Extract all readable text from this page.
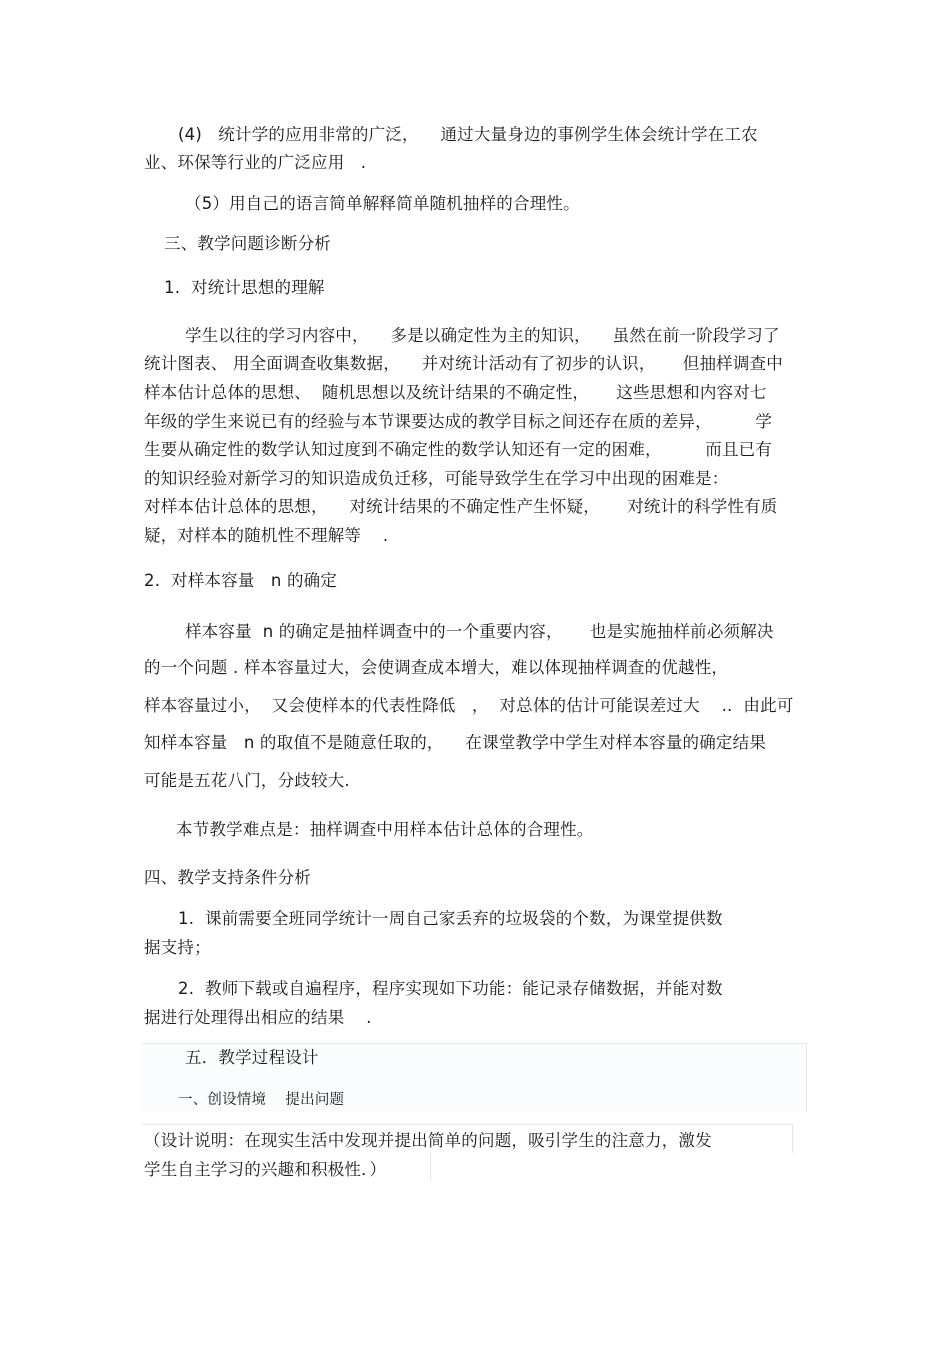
(4)   统计学的应用非常的广泛，    通过大量身边的事例学生体会统计学在工农
业、环保等行业的广泛应用   .
（5）用自己的语言简单解释简单随机抽样的合理性。
三、教学问题诊断分析
1.  对统计思想的理解
学生以往的学习内容中，    多是以确定性为主的知识，    虽然在前一阶段学习了
统计图表、 用全面调查收集数据，    并对统计活动有了初步的认识，     但抽样调查中
样本估计总体的思想、  随机思想以及统计结果的不确定性，     这些思想和内容对七
年级的学生来说已有的经验与本节课要达成的教学目标之间还存在质的差异，        学
生要从确定性的数学认知过度到不确定性的数学认知还有一定的困难，        而且已有
的知识经验对新学习的知识造成负迁移，可能导致学生在学习中出现的困难是：
对样本估计总体的思想，    对统计结果的不确定性产生怀疑，     对统计的科学性有质
疑，对样本的随机性不理解等    .
2.  对样本容量   n 的确定
样本容量  n 的确定是抽样调查中的一个重要内容，     也是实施抽样前必须解决
的一个问题 . 样本容量过大，会使调查成本增大，难以体现抽样调查的优越性，
样本容量过小，  又会使样本的代表性降低   ，  对总体的估计可能误差过大    ..  由此可
知样本容量   n 的取值不是随意任取的，    在课堂教学中学生对样本容量的确定结果
可能是五花八门，分歧较大.
本节教学难点是：抽样调查中用样本估计总体的合理性。
四、教学支持条件分析
1.  课前需要全班同学统计一周自己家丢弃的垃圾袋的个数，为课堂提供数
据支持；
2.  教师下载或自遍程序，程序实现如下功能：能记录存储数据，并能对数
据进行处理得出相应的结果    .
五．教学过程设计
一、创设情境    提出问题
（设计说明：在现实生活中发现并提出简单的问题，吸引学生的注意力，激发
学生自主学习的兴趣和积极性．）
